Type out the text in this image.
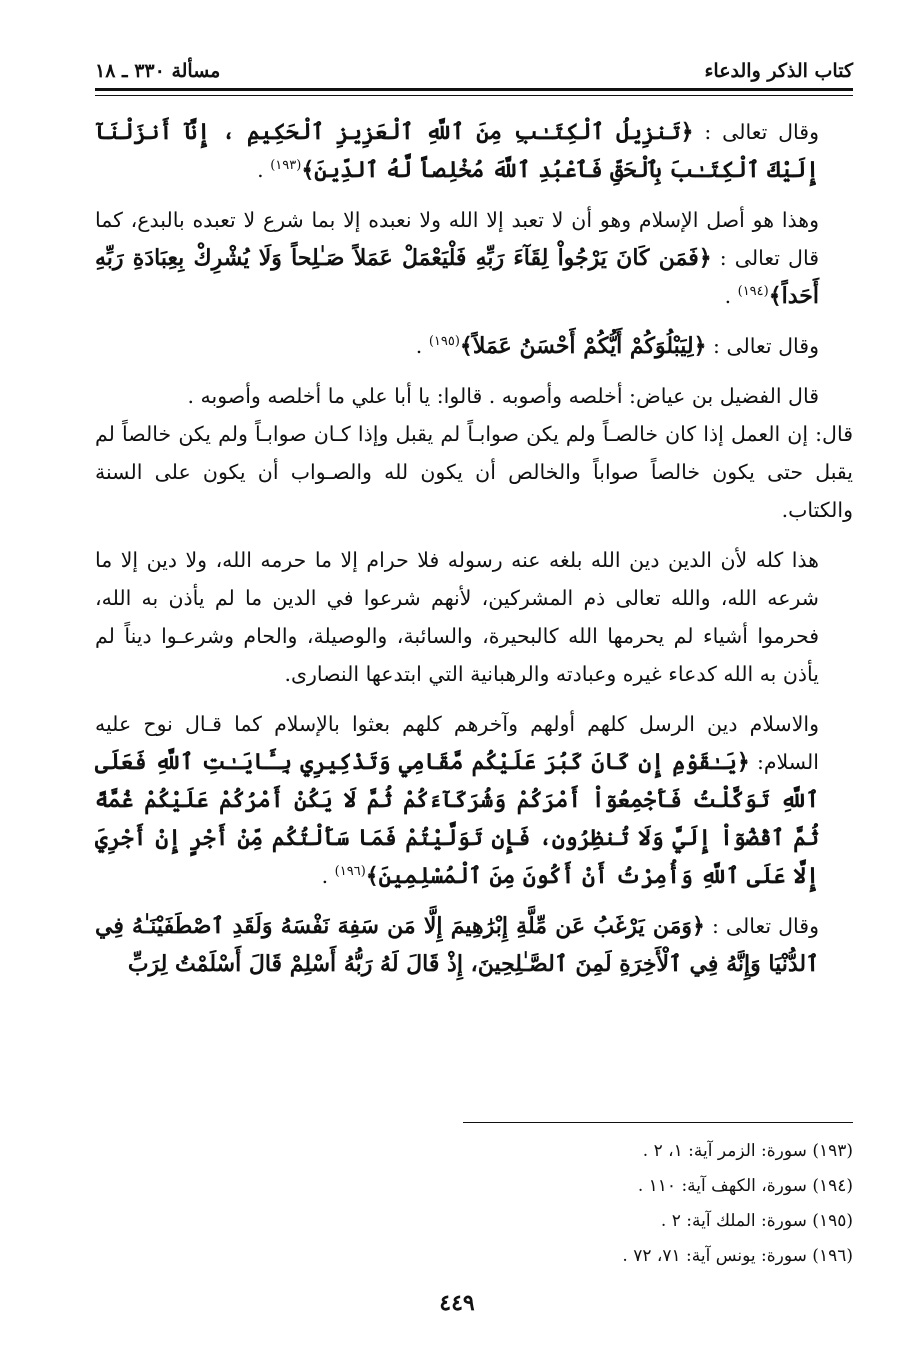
كتاب الذكر والدعاء
مسألة ٣٣٠ ـ ١٨

وقال تعالى : ﴿تَنزِيلُ ٱلْكِتَـٰبِ مِنَ ٱللَّهِ ٱلْعَزِيزِ ٱلْحَكِيمِ ، إِنَّآ أَنزَلْنَآ إِلَيْكَ ٱلْكِتَـٰبَ بِٱلْحَقِّ فَٱعْبُدِ ٱللَّهَ مُخْلِصاً لَّهُ ٱلدِّينَ﴾$^{(١٩٣)}$ .

وهذا هو أصل الإسلام وهو أن لا تعبد إلا الله ولا نعبده إلا بما شرع لا تعبده بالبدع، كما قال تعالى : ﴿فَمَن كَانَ يَرْجُواْ لِقَآءَ رَبِّهِ فَلْيَعْمَلْ عَمَلاً صَـٰلِحاً وَلَا يُشْرِكْ بِعِبَادَةِ رَبِّهِ أَحَداً﴾$^{(١٩٤)}$ .

وقال تعالى : ﴿لِيَبْلُوَكُمْ أَيُّكُمْ أَحْسَنُ عَمَلاً﴾$^{(١٩٥)}$ .

قال الفضيل بن عياض: أخلصه وأصوبه . قالوا: يا أبا علي ما أخلصه وأصوبه .

قال: إن العمل إذا كان خالصـاً ولم يكن صوابـاً لم يقبل وإذا كـان صوابـاً ولم يكن خالصاً لم يقبل حتى يكون خالصاً صواباً والخالص أن يكون لله والصـواب أن يكون على السنة والكتاب.

هذا كله لأن الدين دين الله بلغه عنه رسوله فلا حرام إلا ما حرمه الله، ولا دين إلا ما شرعه الله، والله تعالى ذم المشركين، لأنهم شرعوا في الدين ما لم يأذن به الله، فحرموا أشياء لم يحرمها الله كالبحيرة، والسائبة، والوصيلة، والحام وشرعـوا ديناً لم يأذن به الله كدعاء غيره وعبادته والرهبانية التي ابتدعها النصارى.

والاسلام دين الرسل كلهم أولهم وآخرهم كلهم بعثوا بالإسلام كما قـال نوح عليه السلام: ﴿يَـٰقَوْمِ إِن كَانَ كَبُرَ عَلَيْكُم مَّقَامِي وَتَذْكِيرِي بِـَٔايَـٰتِ ٱللَّهِ فَعَلَى ٱللَّهِ تَوَكَّلْتُ فَأَجْمِعُوٓاْ أَمْرَكُمْ وَشُرَكَآءَكُمْ ثُمَّ لَا يَكُنْ أَمْرُكُمْ عَلَيْكُمْ غُمَّةً ثُمَّ ٱقْضُوٓاْ إِلَيَّ وَلَا تُنظِرُونِ، فَإِن تَوَلَّيْتُمْ فَمَا سَأَلْتُكُم مِّنْ أَجْرٍ إِنْ أَجْرِيَ إِلَّا عَلَى ٱللَّهِ وَأُمِرْتُ أَنْ أَكُونَ مِنَ ٱلْمُسْلِمِينَ﴾$^{(١٩٦)}$ .

وقال تعالى : ﴿وَمَن يَرْغَبُ عَن مِّلَّةِ إِبْرَٰهِيمَ إِلَّا مَن سَفِهَ نَفْسَهُ وَلَقَدِ ٱصْطَفَيْنَـٰهُ فِي ٱلدُّنْيَا وَإِنَّهُ فِي ٱلْأَخِرَةِ لَمِنَ ٱلصَّـٰلِحِينَ، إِذْ قَالَ لَهُ رَبُّهُ أَسْلِمْ قَالَ أَسْلَمْتُ لِرَبِّ

(١٩٣) سورة: الزمر آية: ١، ٢ .
(١٩٤) سورة، الكهف آية: ١١٠ .
(١٩٥) سورة: الملك آية: ٢ .
(١٩٦) سورة: يونس آية: ٧١، ٧٢ .
٤٤٩
